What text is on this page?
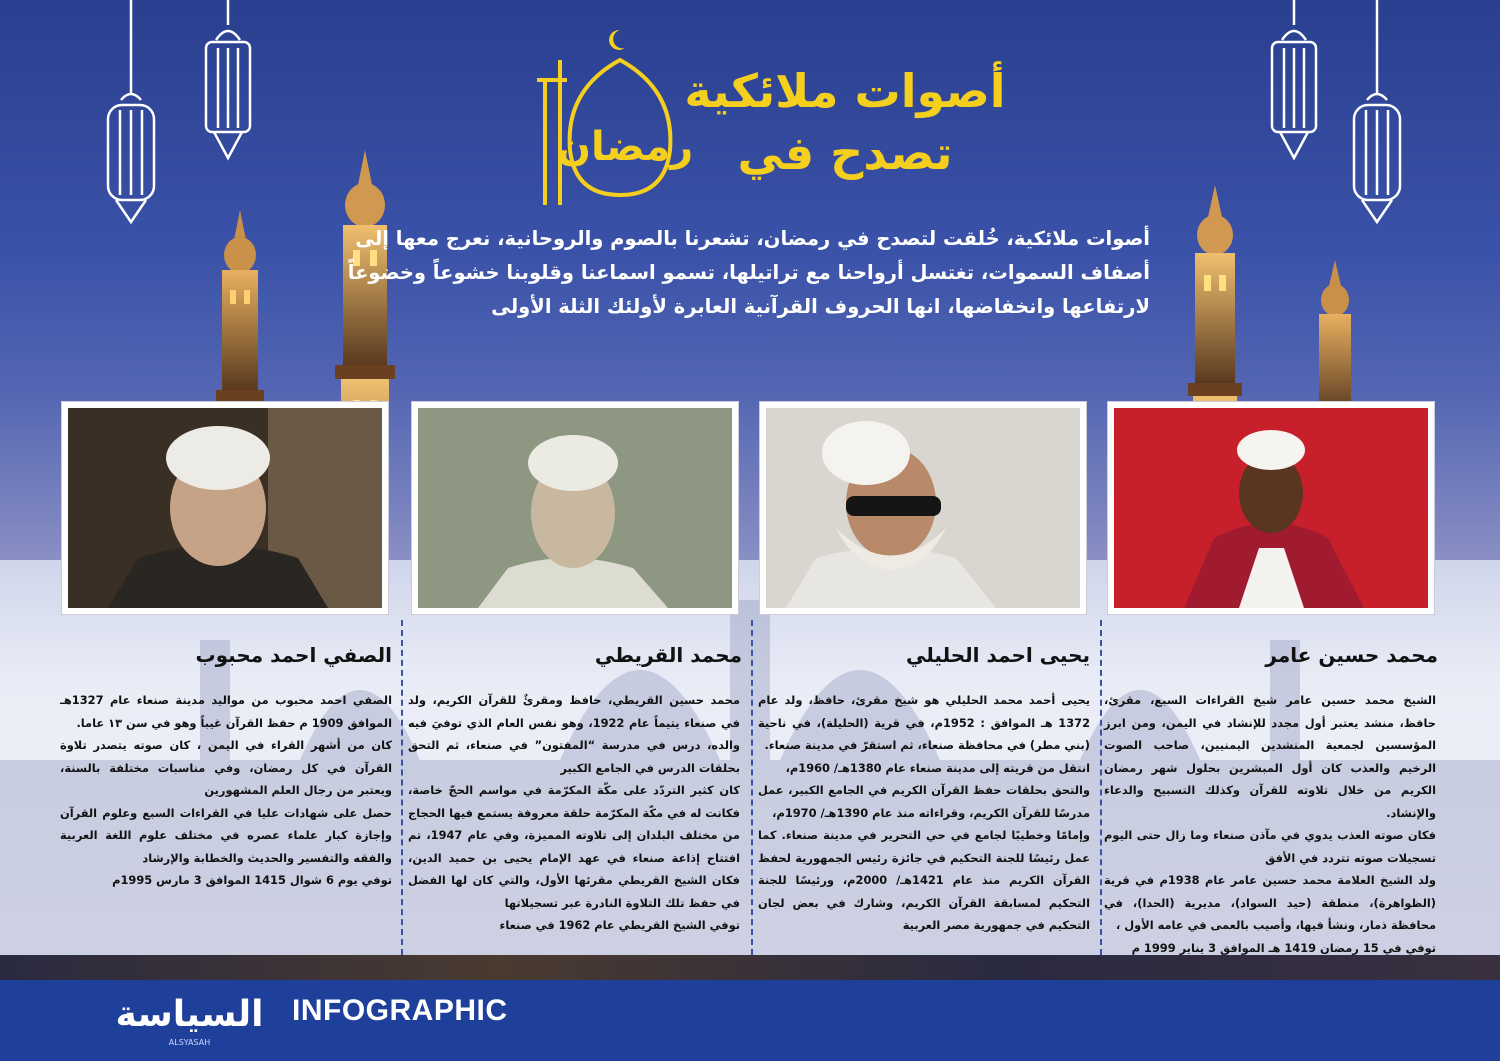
رمضان
أصوات ملائكية
تصدح في
أصوات ملائكية، خُلقت لتصدح في رمضان، تشعرنا بالصوم والروحانية، نعرج معها إلى أصفاف السموات، تغتسل أرواحنا مع تراتيلها، تسمو اسماعنا وقلوبنا خشوعاً وخضوعاً لارتفاعها وانخفاضها، انها الحروف القرآنية العابرة لأولئك الثلة الأولى
محمد حسين عامر
يحيى احمد الحليلي
محمد القريطي
الصفي احمد محبوب
الشيخ محمد حسين عامر شيخ القراءات السبع، مقرئ، حافظ، منشد يعتبر أول مجدد للإنشاد في اليمن، ومن ابرز المؤسسين لجمعية المنشدين اليمنيين، صاحب الصوت الرخيم والعذب كان أول المبشرين بحلول شهر رمضان الكريم من خلال تلاوته للقرآن وكذلك التسبيح والدعاء والإنشاد.
فكان صوته العذب يدوي في مآذن صنعاء وما زال حتى اليوم تسجيلات صوته تتردد في الأفق
ولد الشيخ العلامة محمد حسين عامر عام 1938م في قرية (الظواهرة)، منطقة (حيد السواد)، مديرية (الحدا)، في محافظة ذمار، ونشأ فيها، وأصيب بالعمى في عامه الأول ،
توفي في 15 رمضان 1419 هـ الموافق 3 يناير 1999 م
يحيى أحمد محمد الحليلي هو شيخ مقرئ، حافظ، ولد عام 1372 هـ الموافق : 1952م، في قرية (الحليلة)، في ناحية (بني مطر) في محافظة صنعاء، ثم استقرّ في مدينة صنعاء.
انتقل من قريته إلى مدينة صنعاء عام 1380هـ/ 1960م،
والتحق بحلقات حفظ القرآن الكريم في الجامع الكبير، عمل مدرسًا للقرآن الكريم، وقراءاته منذ عام 1390هـ/ 1970م،
وإمامًا وخطيبًا لجامع في حي التحرير في مدينة صنعاء. كما عمل رئيسًا للجنة التحكيم في جائزة رئيس الجمهورية لحفظ القرآن الكريم منذ عام 1421هـ/ 2000م، ورئيسًا للجنة التحكيم لمسابقة القرآن الكريم، وشارك في بعض لجان التحكيم في جمهورية مصر العربية
محمد حسين القريطي، حافظ ومقرئٌ للقرآن الكريم، ولد في صنعاء يتيماً عام 1922، وهو نفس العام الذي توفيَ فيه والده، درس في مدرسة “المفتون” في صنعاء، ثم التحق بحلقات الدرس في الجامع الكبير
كان كثير التردّد على مكّة المكرّمة في مواسم الحجّ خاصة، فكانت له في مكّة المكرّمة حلقة معروفة يستمع فيها الحجاج من مختلف البلدان إلى تلاوته المميزة، وفي عام 1947، تم افتتاح إذاعة صنعاء في عهد الإمام يحيى بن حميد الدين، فكان الشيخ القريطي مقرئها الأول، والتي كان لها الفضل في حفظ تلك التلاوة النادرة عبر تسجيلاتها
توفي الشيخ القريطي عام 1962 في صنعاء
الصفي احمد محبوب من مواليد مدينة صنعاء عام 1327هـ الموافق 1909 م حفظ القرآن غيباً وهو في سن ١٣ عاما.
كان من أشهر القراء في اليمن ، كان صوته يتصدر تلاوة القرآن في كل رمضان، وفي مناسبات مختلفة بالسنة، ويعتبر من رجال العلم المشهورين
حصل على شهادات عليا في القراءات السبع وعلوم القرآن وإجازة كبار علماء عصره في مختلف علوم اللغة العربية والفقه والتفسير والحديث والخطابة والإرشاد
توفي يوم 6 شوال 1415 الموافق 3 مارس 1995م
السياسة
ALSYASAH
INFOGRAPHIC
